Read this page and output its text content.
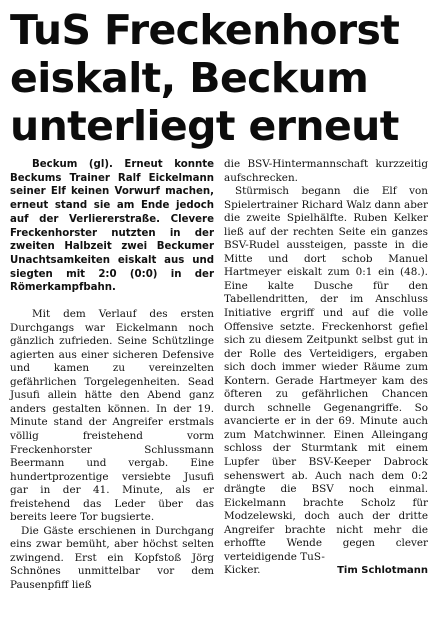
TuS Freckenhorst
eiskalt, Beckum
unterliegt erneut

Beckum (gl). Erneut konnte Beckums Trainer Ralf Eickelmann seiner Elf keinen Vorwurf machen, erneut stand sie am Ende jedoch auf der Verliererstraße. Clevere Freckenhorster nutzten in der zweiten Halbzeit zwei Beckumer Unachtsamkeiten eiskalt aus und siegten mit 2:0 (0:0) in der Römerkampfbahn.

Mit dem Verlauf des ersten Durchgangs war Eickelmann noch gänzlich zufrieden. Seine Schützlinge agierten aus einer sicheren Defensive und kamen zu vereinzelten gefährlichen Torgelegenheiten. Sead Jusufi allein hätte den Abend ganz anders gestalten können. In der 19. Minute stand der Angreifer erstmals völlig freistehend vorm Freckenhorster Schlussmann Beermann und vergab. Eine hundertprozentige versiebte Jusufi gar in der 41. Minute, als er freistehend das Leder über das bereits leere Tor bugsierte.

Die Gäste erschienen in Durchgang eins zwar bemüht, aber höchst selten zwingend. Erst ein Kopfstoß Jörg Schnönes unmittelbar vor dem Pausenpfiff ließ

die BSV-Hintermannschaft kurzzeitig aufschrecken.

Stürmisch begann die Elf von Spielertrainer Richard Walz dann aber die zweite Spielhälfte. Ruben Kelker ließ auf der rechten Seite ein ganzes BSV-Rudel aussteigen, passte in die Mitte und dort schob Manuel Hartmeyer eiskalt zum 0:1 ein (48.). Eine kalte Dusche für den Tabellendritten, der im Anschluss Initiative ergriff und auf die volle Offensive setzte. Freckenhorst gefiel sich zu diesem Zeitpunkt selbst gut in der Rolle des Verteidigers, ergaben sich doch immer wieder Räume zum Kontern. Gerade Hartmeyer kam des öfteren zu gefährlichen Chancen durch schnelle Gegenangriffe. So avancierte er in der 69. Minute auch zum Matchwinner. Einen Alleingang schloss der Sturmtank mit einem Lupfer über BSV-Keeper Dabrock sehenswert ab. Auch nach dem 0:2 drängte die BSV noch einmal. Eickelmann brachte Scholz für Modzelewski, doch auch der dritte Angreifer brachte nicht mehr die erhoffte Wende gegen clever verteidigende TuS-

Kicker.	Tim Schlotmann
